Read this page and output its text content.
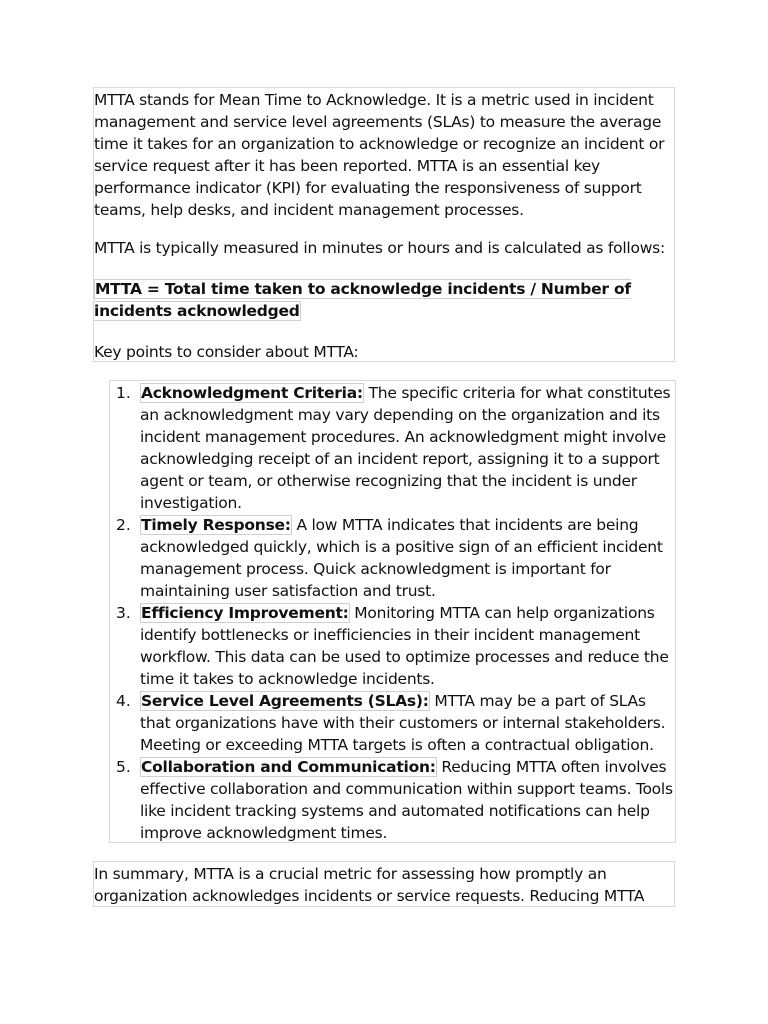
MTTA stands for Mean Time to Acknowledge. It is a metric used in incident management and service level agreements (SLAs) to measure the average time it takes for an organization to acknowledge or recognize an incident or service request after it has been reported. MTTA is an essential key performance indicator (KPI) for evaluating the responsiveness of support teams, help desks, and incident management processes.

MTTA is typically measured in minutes or hours and is calculated as follows:

MTTA = Total time taken to acknowledge incidents / Number of incidents acknowledged

Key points to consider about MTTA:

1. Acknowledgment Criteria: The specific criteria for what constitutes an acknowledgment may vary depending on the organization and its incident management procedures. An acknowledgment might involve acknowledging receipt of an incident report, assigning it to a support agent or team, or otherwise recognizing that the incident is under investigation.
2. Timely Response: A low MTTA indicates that incidents are being acknowledged quickly, which is a positive sign of an efficient incident management process. Quick acknowledgment is important for maintaining user satisfaction and trust.
3. Efficiency Improvement: Monitoring MTTA can help organizations identify bottlenecks or inefficiencies in their incident management workflow. This data can be used to optimize processes and reduce the time it takes to acknowledge incidents.
4. Service Level Agreements (SLAs): MTTA may be a part of SLAs that organizations have with their customers or internal stakeholders. Meeting or exceeding MTTA targets is often a contractual obligation.
5. Collaboration and Communication: Reducing MTTA often involves effective collaboration and communication within support teams. Tools like incident tracking systems and automated notifications can help improve acknowledgment times.

In summary, MTTA is a crucial metric for assessing how promptly an organization acknowledges incidents or service requests. Reducing MTTA
